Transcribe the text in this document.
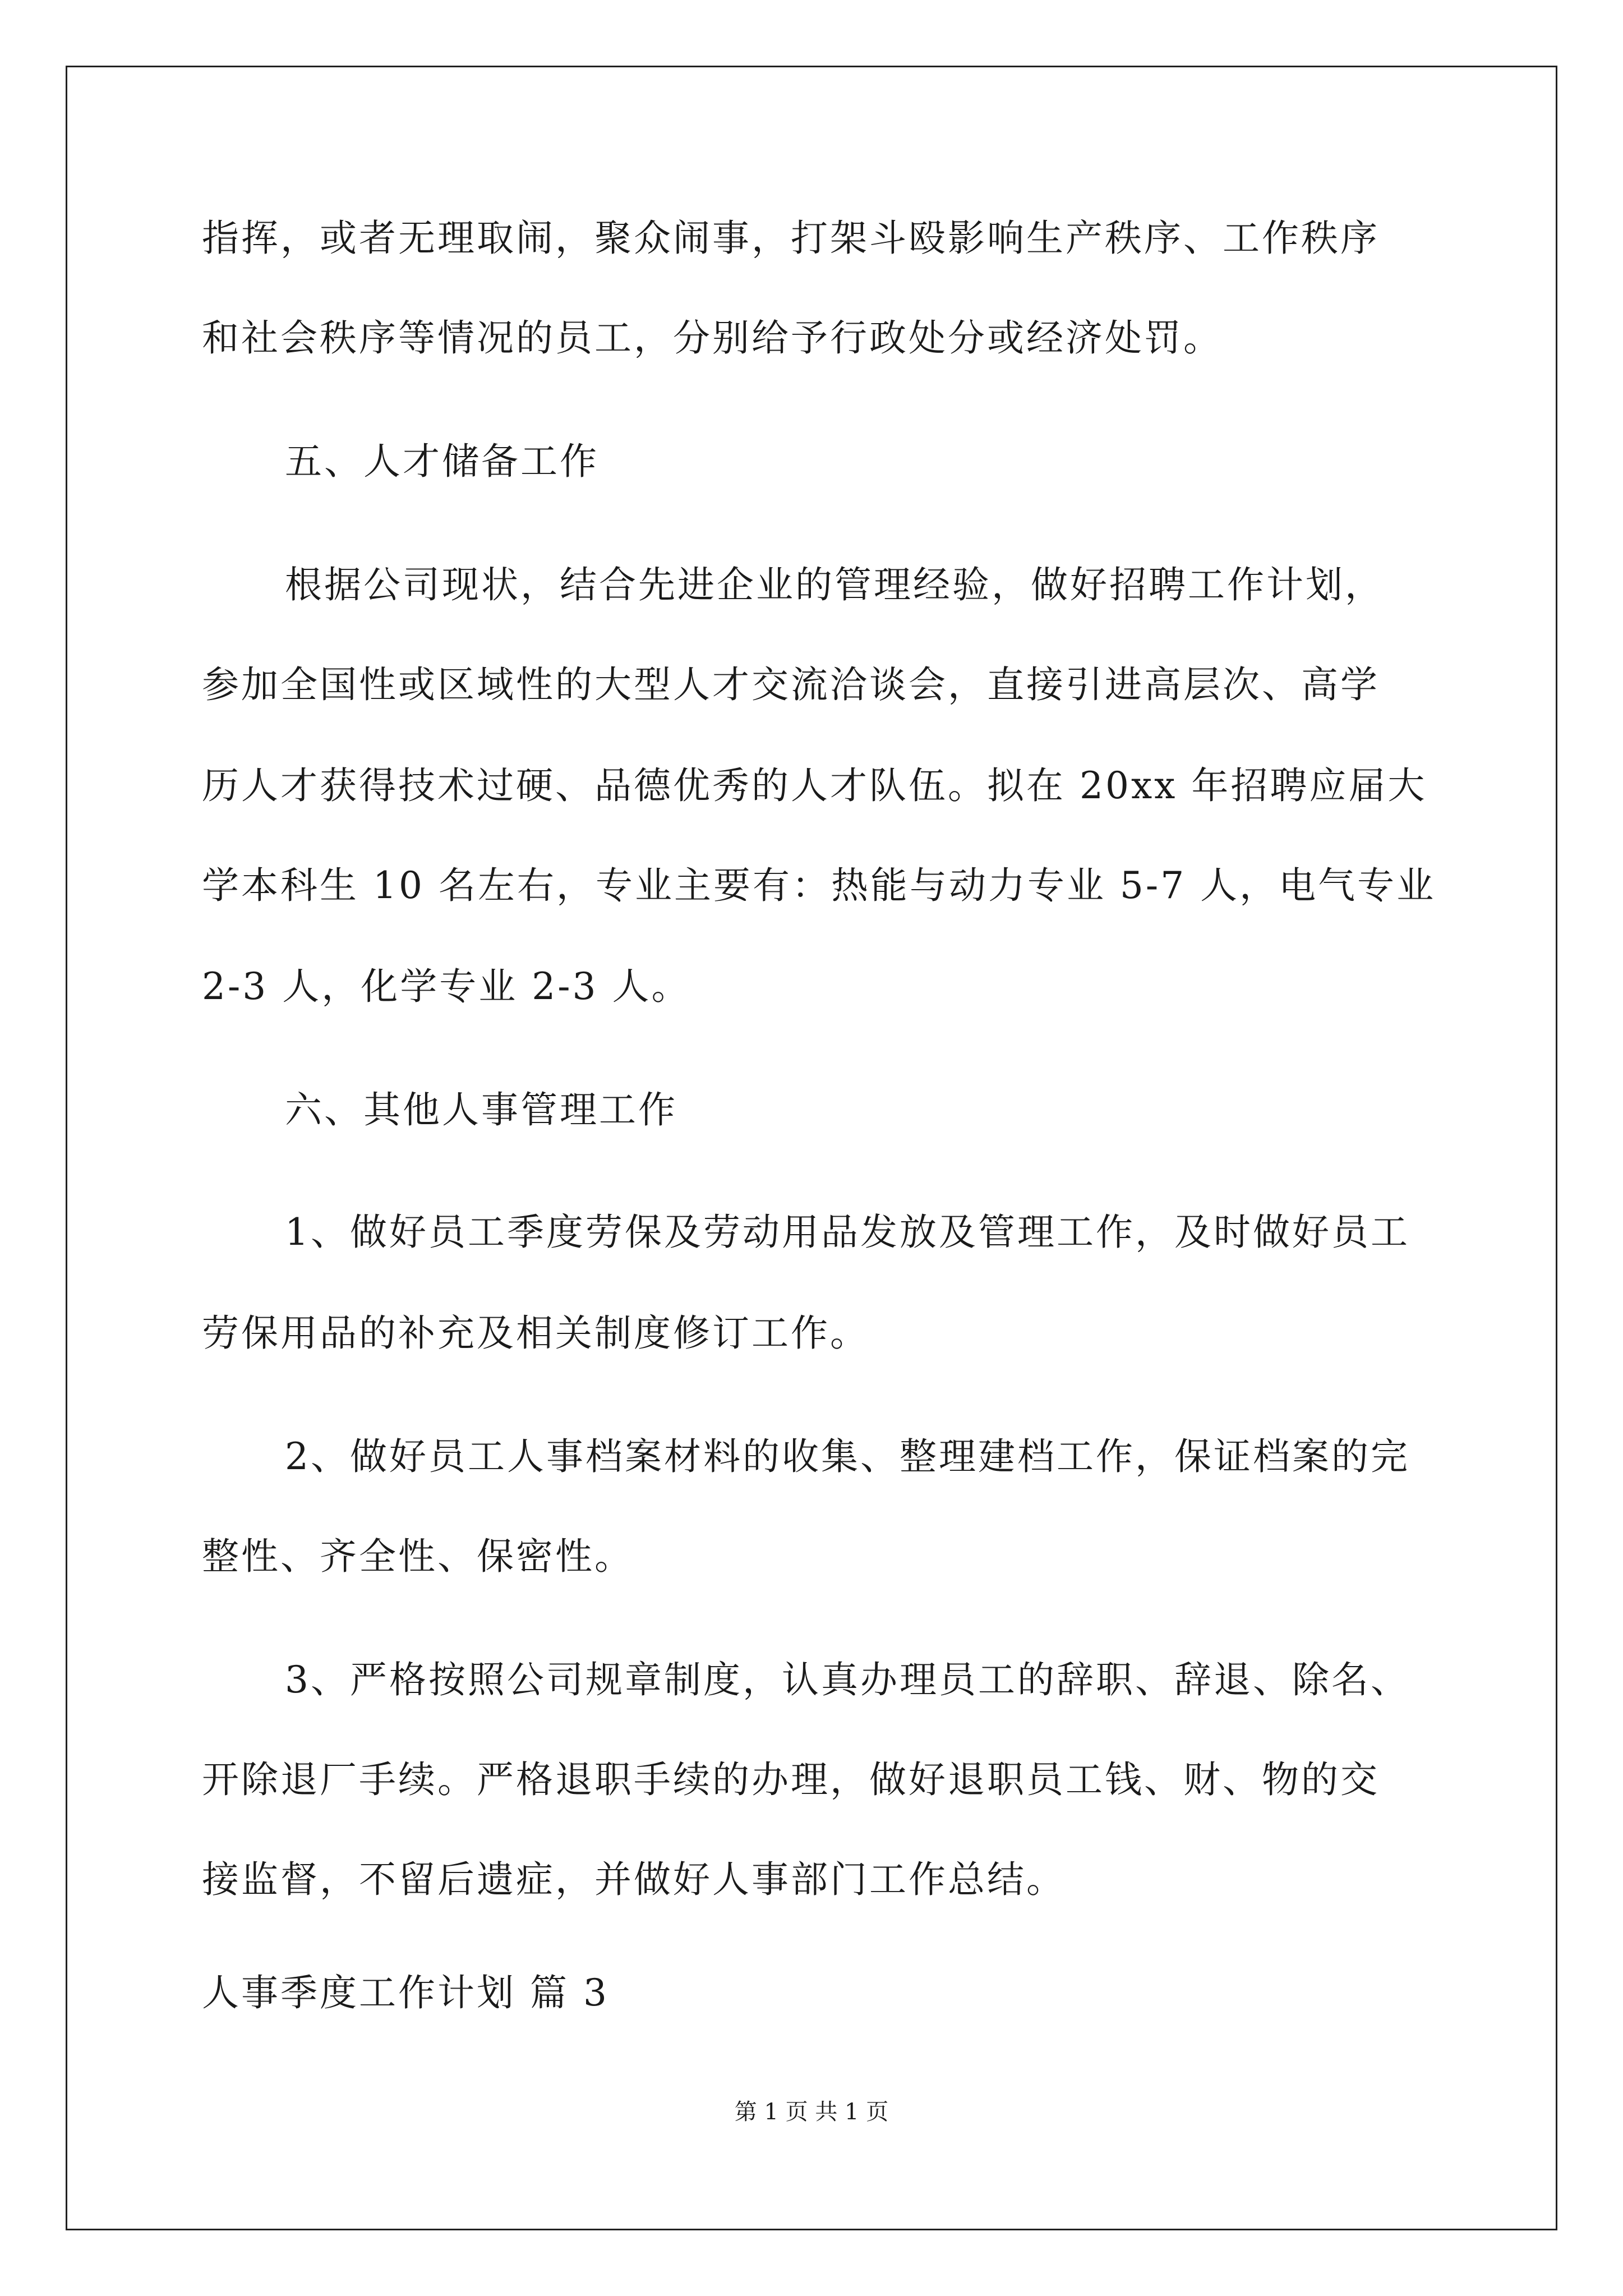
指挥，或者无理取闹，聚众闹事，打架斗殴影响生产秩序、工作秩序
和社会秩序等情况的员工，分别给予行政处分或经济处罚。
五、人才储备工作
根据公司现状，结合先进企业的管理经验，做好招聘工作计划，
参加全国性或区域性的大型人才交流洽谈会，直接引进高层次、高学
历人才获得技术过硬、品德优秀的人才队伍。拟在 20xx 年招聘应届大
学本科生 10 名左右，专业主要有：热能与动力专业 5-7 人，电气专业
2-3 人，化学专业 2-3 人。
六、其他人事管理工作
1、做好员工季度劳保及劳动用品发放及管理工作，及时做好员工
劳保用品的补充及相关制度修订工作。
2、做好员工人事档案材料的收集、整理建档工作，保证档案的完
整性、齐全性、保密性。
3、严格按照公司规章制度，认真办理员工的辞职、辞退、除名、
开除退厂手续。严格退职手续的办理，做好退职员工钱、财、物的交
接监督，不留后遗症，并做好人事部门工作总结。
人事季度工作计划 篇 3
第 1 页 共 1 页
